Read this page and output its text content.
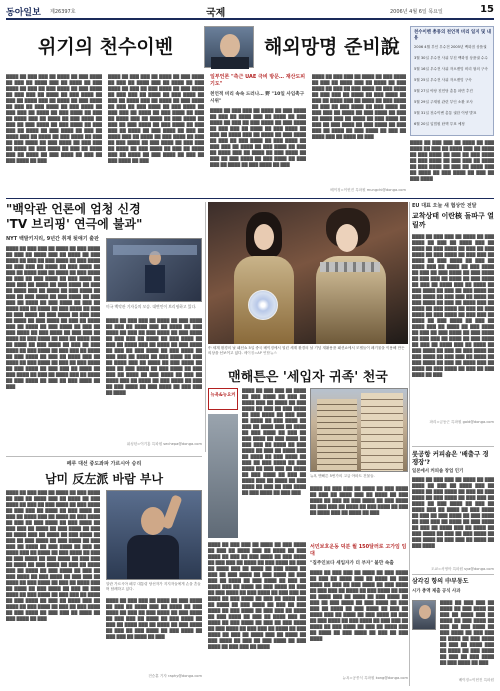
동아일보 제26397호	국제	2006년 4월 6일 목요일	15
위기의 천수이벤	해외망명 준비說
████ ██ ███ ███ ██ ████ ██ ███ ████ ██ ███ ██ ████ ███ ██ ████ ██ ███ ████ ██ ███ ██ ███ ████ ██ ███ ████ ██ ███ ███ ██ ████ ██ ███ ████ ██ ███ ██ ████ ███ ██ ████ ██ ███ ████ ██ ███ ██ ███ ████ ██ ███ ████ ██ ███ ███ ██ ████ ██ ███ ████ ██ ███ ██ ████ ███ ██ ████ ██ ███ ████ ██ ███ ██ ███ ████ ██ ███ ████ ██ ███ ███ ██ ████ ██ ███ ████ ██ ███ ██ ████ ███ ██ ████ ██ ███ ████ ██ ███ ██ ███ ████ ██ ███ ████ ██ ███ ███ ██ ████ ██ ███ ████ ██ ███ ██ ████ ███ ██ ████ ██ ███ ████ ██ ███ ██ ███ ████ ██ ███
████ ██ ███ ███ ██ ████ ██ ███ ████ ██ ███ ██ ████ ███ ██ ████ ██ ███ ████ ██ ███ ██ ███ ████ ██ ███ ████ ██ ███ ███ ██ ████ ██ ███ ████ ██ ███ ██ ████ ███ ██ ████ ██ ███ ████ ██ ███ ██ ███ ████ ██ ███ ████ ██ ███ ███ ██ ████ ██ ███ ████ ██ ███ ██ ████ ███ ██ ████ ██ ███ ████ ██ ███ ██ ███ ████ ██ ███ ████ ██ ███ ███ ██ ████ ██ ███ ████ ██ ███ ██ ████ ███ ██ ████ ██ ███ ████ ██ ███ ██ ███ ████ ██ ███ ████ ██ ███ ███ ██ ████ ██ ███ ████ ██ ███ ██ ████ ███ ██ ████ ██ ███ ████ ██ ███ ██ ███ ████ ██ ███
일부언론 "측근 UAE 극비 방문… 재산도피 기도"
천언적 비리 속속 드러나… 野 "10일 사임촉구 시위"
████ ██ ███ ███ ██ ████ ██ ███ ████ ██ ███ ██ ████ ███ ██ ████ ██ ███ ████ ██ ███ ██ ███ ████ ██ ███ ████ ██ ███ ███ ██ ████ ██ ███ ████ ██ ███ ██ ████ ███ ██ ████ ██ ███ ████ ██ ███ ██ ███ ████ ██ ███ ████ ██ ███ ███ ██ ████ ██ ███ ████ ██ ███ ██ ████ ███ ██ ████ ██ ███ ████ ██ ███ ██ ███ ████ ██ ███ ████ ██ ███ ███ ██ ████ ██ ███ ████ ██ ███
████ ██ ███ ███ ██ ████ ██ ███ ████ ██ ███ ██ ████ ███ ██ ████ ██ ███ ████ ██ ███ ██ ███ ████ ██ ███ ████ ██ ███ ███ ██ ████ ██ ███ ████ ██ ███ ██ ████ ███ ██ ████ ██ ███ ████ ██ ███ ██ ███ ████ ██ ███ ████ ██ ███ ███ ██ ████ ██ ███ ████ ██ ███ ██ ████ ███ ██ ████ ██ ███ ████ ██ ███ ██ ███ ████ ██ ███ ████ ██ ███ ███ ██ ████ ██ ███ ████ ██ ███ ██ ████ ███ ██ ████ ██ ███
베이징=이헌진 특파원 mungchi@donga.com
천수이벤 총통의 천언적 비리 일지 및 내용
2006 4월 부인 우수전 2005년 백화점 상품권
3월 30일 우수전 사위 부친 백화점 상품권 수수
5월 16일 우수전 사위 자오젠밍 비리 혐의 구속
5월 25일 우수전 사위 자오젠밍 구속
5월 27일 야당 친민당 총통 파면 추진
5월 29일 주재원 관련 부인 소환 조사
5월 31일 천수이벤 총통 권한 이양 발표
6월 20일 입법원 탄핵 투표 예정
████ ██ ███ ███ ██ ████ ██ ███ ████ ██ ███ ██ ████ ███ ██ ████ ██ ███ ████ ██ ███ ██ ███ ████ ██ ███ ████ ██ ███ ███ ██ ████ ██ ███ ████ ██ ███ ██ ████ ███ ██ ████ ██ ███ ████ ██ ███ ██ ███ ████
"백악관 언론에 엄청 신경
'TV 브리핑' 연극에 불과"
NYT 백발키지리, 9년간 취재 뒷얘기 출판
████ ██ ███ ███ ██ ████ ██ ███ ████ ██ ███ ██ ████ ███ ██ ████ ██ ███ ████ ██ ███ ██ ███ ████ ██ ███ ████ ██ ███ ███ ██ ████ ██ ███ ████ ██ ███ ██ ████ ███ ██ ████ ██ ███ ████ ██ ███ ██ ███ ████ ██ ███ ████ ██ ███ ███ ██ ████ ██ ███ ████ ██ ███ ██ ████ ███ ██ ████ ██ ███ ████ ██ ███ ██ ███ ████ ██ ███ ████ ██ ███ ███ ██ ████ ██ ███ ████ ██ ███ ██ ████ ███ ██ ████ ██ ███ ████ ██ ███ ██ ███ ████ ██ ███ ████ ██ ███ ███ ██ ████ ██ ███ ████ ██ ███ ██ ████ ███ ██ ████ ██ ███ ████ ██ ███ ██ ███ ████ ██ ███ ████ ██ ███ ███ ██ ████ ██ ███ ████ ██ ███ ██ ████ ███ ██ ████ ██ ███ ████ ██ ███ ██ ███ ████ ██ ███ ████ ██ ███ ███ ██ ████ ██ ███ ████ ██ ███ ██ ████ ███ ██ ████ ██ ███ ████ ██ ███ ██ ███ ████ ██ ███ ████ ██ ███ ███ ██ ████ ██ ███ ████ ██ ███ ██ ████ ███ ██ ████ ██ ███ ████ ██ ███ ██ ███ ████ ██ ███
미국 백악관 기자들의 모습. 대변인이 브리핑하고 있다.
████ ██ ███ ███ ██ ████ ██ ███ ████ ██ ███ ██ ████ ███ ██ ████ ██ ███ ████ ██ ███ ██ ███ ████ ██ ███ ████ ██ ███ ███ ██ ████ ██ ███ ████ ██ ███ ██ ████ ███ ██ ████ ██ ███ ████ ██ ███ ██ ███ ████ ██ ███ ████ ██ ███ ███ ██ ████ ██ ███ ████ ██ ███ ██ ████ ███ ██ ████ ██ ███ ████ ██ ███ ██ ███ ████ ██ ███ ████ ██ ███ ███ ██ ████ ██ ███ ████ ██ ███ ██ ████ ███ ██ ████ ██ ███ ████ ██ ███ ██ ███ ████ ██ ███ ████ ██ ███ ███ ██ ████
워싱턴=이기홍 특파원 sechepa@donga.com
中 세계 환경의 날 패션쇼 5일 중국 베이징에서 열린 세계 환경의 날 기념 재활용품 패션쇼에서 모델들이 폐기물을 이용해 만든 의상을 선보이고 있다. 베이징=AP 연합뉴스
EU 대표 오늘 새 협상안 전달
교착상태 이란核 돌파구 열릴까
████ ██ ███ ███ ██ ████ ██ ███ ████ ██ ███ ██ ████ ███ ██ ████ ██ ███ ████ ██ ███ ██ ███ ████ ██ ███ ████ ██ ███ ███ ██ ████ ██ ███ ████ ██ ███ ██ ████ ███ ██ ████ ██ ███ ████ ██ ███ ██ ███ ████ ██ ███ ████ ██ ███ ███ ██ ████ ██ ███ ████ ██ ███ ██ ████ ███ ██ ████ ██ ███ ████ ██ ███ ██ ███ ████ ██ ███ ████ ██ ███ ███ ██ ████ ██ ███ ████ ██ ███ ██ ████ ███ ██ ████ ██ ███ ████ ██ ███ ██ ███ ████ ██ ███ ████ ██ ███ ███ ██ ████ ██ ███ ████ ██ ███ ██ ████ ███ ██ ████ ██ ███ ████ ██ ███ ██ ███ ████ ██ ███ ████ ██ ███ ███ ██ ████ ██ ███ ████ ██ ███ ██ ████ ███ ██ ████ ██ ███ ████ ██ ███ ██ ███ ████ ██ ███ ████ ██ ███ ███ ██ ████ ██ ███ ████ ██ ███ ██ ████ ███ ██ ████ ██ ███ ████ ██ ███ ██ ███ ████ ██ ███
파리=금동근 특파원 gold@donga.com
맨해튼은 '세입자 귀족' 천국
뉴욕&뉴요커
████ ██ ███ ███ ██ ████ ██ ███ ████ ██ ███ ██ ████ ███ ██ ████ ██ ███ ████ ██ ███ ██ ███ ████ ██ ███ ████ ██ ███ ███ ██ ████ ██ ███ ████ ██ ███ ██ ████ ███ ██ ████ ██ ███ ████ ██ ███ ██ ███ ████ ██ ███ ████ ██ ███ ███ ██ ████ ██ ███ ████ ██ ███ ██ ████ ███ ██ ████ ██ ███ ████ ██ ███ ██ ███ ████ ██ ███ ████ ██ ███ ███ ██ ████ ██ ███ ████ ██ ███ ██ ████ ███ ██ ████ ██ ███ ████ ██ ███ ██ ███ ████ ██ ███ ████ ██ ███ ███
뉴욕 맨해튼 5번가의 고급 아파트 건물들.
████ ██ ███ ███ ██ ████ ██ ███ ████ ██ ███ ██ ████ ███ ██ ████ ██ ███ ████ ██ ███ ██ ███ ████ ██ ███ ████ ██ ███ ███ ██ ████ ██ ███ ████ ██ ███ ██ ████ ███ ██ ████ ██ ███
서민보호운동 덕분 월 150달러로 고가임 임대
"집주인보다 세입자가 더 부자" 불만 속출
████ ██ ███ ███ ██ ████ ██ ███ ████ ██ ███ ██ ████ ███ ██ ████ ██ ███ ████ ██ ███ ██ ███ ████ ██ ███ ████ ██ ███ ███ ██ ████ ██ ███ ████ ██ ███ ██ ████ ███ ██ ████ ██ ███ ████ ██ ███ ██ ███ ████ ██ ███ ████ ██ ███ ███ ██ ████ ██ ███ ████ ██ ███ ██ ████ ███ ██ ████ ██ ███ ████ ██ ███ ██ ███ ████ ██ ███ ████ ██ ███ ███ ██ ████ ██ ███ ████ ██ ███ ██ ████ ███ ██ ████ ██ ███ ████ ██ ███ ██ ███ ████ ██ ███ ████ ██ ███ ███ ██ ████ ██ ███ ████ ██ ███ ██ ████ ███ ██ ████ ██ ███ ████ ██ ███ ██ ███ ████ ██ ███ ████ ██ ███ ███ ██ ████ ██ ███ ████ ██ ███ ██ ████ ███ ██ ████ ██ ███ ████ ██ ███ ██ ███ ████ ██ ███ ████ ██ ███ ███ ██ ████
████ ██ ███ ███ ██ ████ ██ ███ ████ ██ ███ ██ ████ ███ ██ ████ ██ ███ ████ ██ ███ ██ ███ ████ ██ ███ ████ ██ ███ ███ ██ ████ ██ ███ ████ ██ ███ ██ ████ ███ ██ ████ ██ ███ ████ ██ ███ ██ ███ ████ ██ ███ ████ ██ ███ ███ ██ ████ ██ ███ ████ ██ ███ ██ ████ ███ ██ ████ ██ ███ ████ ██ ███ ██ ███ ████ ██ ███ ████ ██ ███ ███ ██ ████ ██ ███ ████ ██ ███ ██ ████ ███ ██ ████ ██ ███ ████ ██ ███ ██ ███ ████
뉴욕=공종식 특파원 kong@donga.com
룻공항 커피숍은 '배출구 경쟁장'?
일본에서 커피숍 창업 인기
████ ██ ███ ███ ██ ████ ██ ███ ████ ██ ███ ██ ████ ███ ██ ████ ██ ███ ████ ██ ███ ██ ███ ████ ██ ███ ████ ██ ███ ███ ██ ████ ██ ███ ████ ██ ███ ██ ████ ███ ██ ████ ██ ███ ████ ██ ███ ██ ███ ████ ██ ███ ████ ██ ███ ███ ██ ████ ██ ███ ████ ██ ███ ██ ████ ███ ██ ████ ██ ███ ████ ██ ███ ██ ███ ████ ██ ███ ████ ██ ███ ███ ██ ████ ██ ███ ████
도쿄=서영아 특파원 sya@donga.com
삼각김 항의 中부동도
시가 총액 제출 공식 사과
████ ██ ███ ███ ██ ████ ██ ███ ████ ██ ███ ██ ████ ███ ██ ████ ██ ███ ████ ██ ███ ██ ███ ████ ██ ███ ████ ██ ███ ███ ██ ████ ██ ███ ████ ██ ███ ██ ████ ███ ██ ████ ██ ███ ████ ██ ███ ██ ███ ████ ██ ███ ████ ██ ███
베이징=이헌진 특파원
페루 대선 중도좌파 가르시아 승리
남미 反左派 바람 부나
████ ██ ███ ███ ██ ████ ██ ███ ████ ██ ███ ██ ████ ███ ██ ████ ██ ███ ████ ██ ███ ██ ███ ████ ██ ███ ████ ██ ███ ███ ██ ████ ██ ███ ████ ██ ███ ██ ████ ███ ██ ████ ██ ███ ████ ██ ███ ██ ███ ████ ██ ███ ████ ██ ███ ███ ██ ████ ██ ███ ████ ██ ███ ██ ████ ███ ██ ████ ██ ███ ████ ██ ███ ██ ███ ████ ██ ███ ████ ██ ███ ███ ██ ████ ██ ███ ████ ██ ███ ██ ████ ███ ██ ████ ██ ███ ████ ██ ███ ██ ███ ████ ██ ███ ████ ██ ███ ███ ██ ████ ██ ███ ████ ██ ███ ██ ████ ███ ██ ████ ██ ███ ████ ██ ███ ██ ███ ████ ██ ███ ████ ██ ███ ███ ██ ████ ██ ███ ████ ██ ███ ██ ████ ███ ██ ████ ██ ███ ████ ██ ███ ██ ███ ████ ██ ███ ████ ██ ███ ███ ██ ████ ██ ███ ████ ██ ███ ██ ████ ███ ██ ████ ██ ███ ████ ██ ███ ██ ███ ████ ██ ███ ████ ██ ███ ███ ██ ████ ██ ███ ████ ██ ███
알란 가르시아 페루 대통령 당선자가 지지자들에게 손을 흔들며 답례하고 있다.
████ ██ ███ ███ ██ ████ ██ ███ ████ ██ ███ ██ ████ ███ ██ ████ ██ ███ ████ ██ ███ ██ ███ ████ ██ ███ ████ ██ ███ ███ ██ ████ ██ ███ ████ ██ ███ ██ ████ ███ ██ ████ ██ ███ ████ ██ ███ ██ ███ ████ ██ ███ ████ ██ ███ ███ ██ ████ ██ ███
전승훈 기자 raphy@donga.com
